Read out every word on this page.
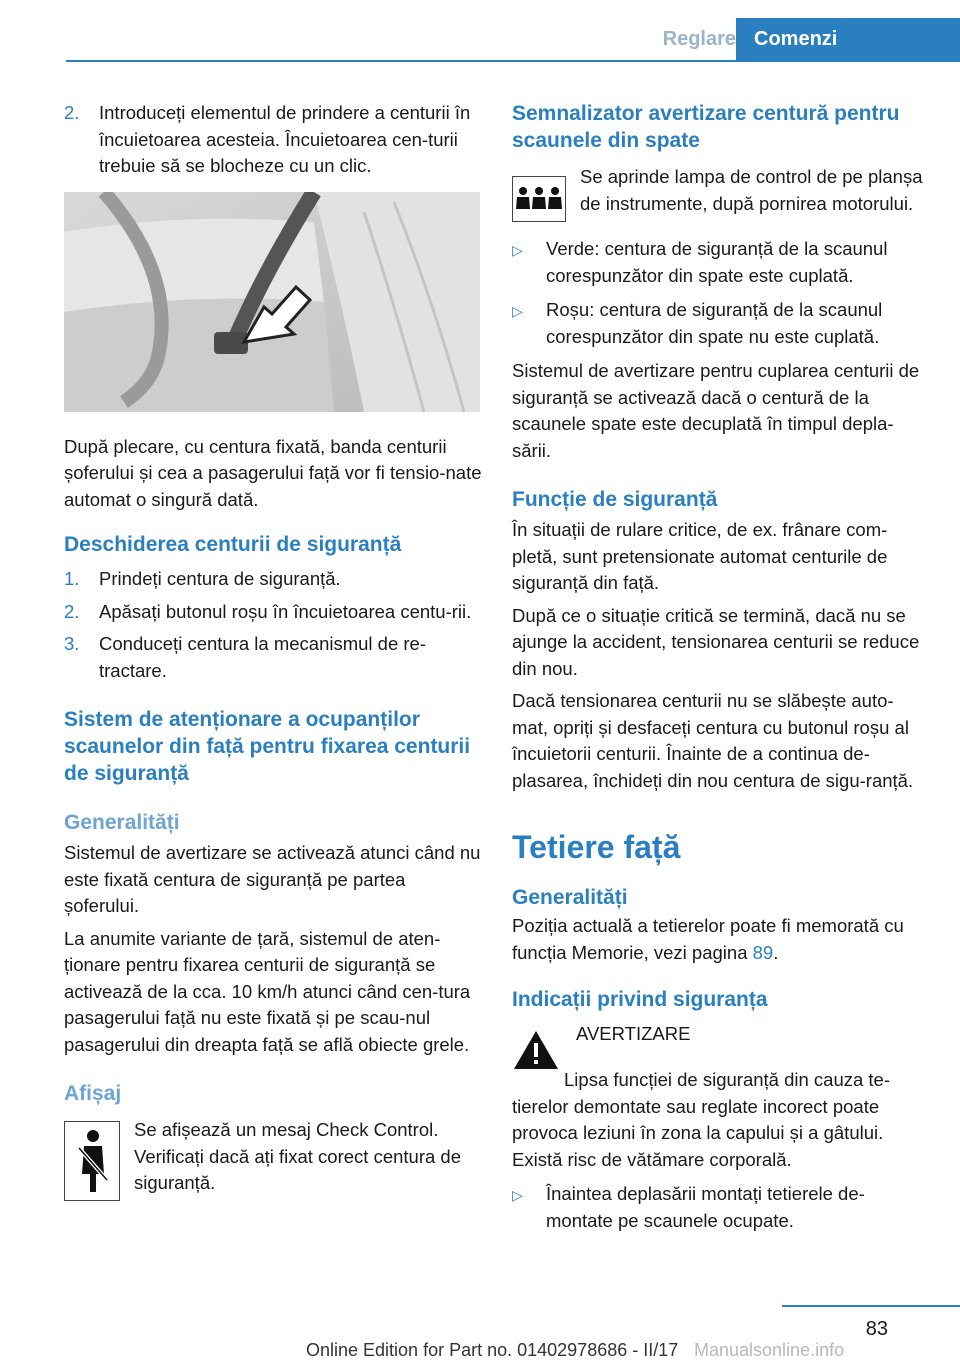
Reglare Comenzi
2.	Introduceți elementul de prindere a centurii în încuietoarea acesteia. Încuietoarea cen‐turii trebuie să se blocheze cu un clic.

După plecare, cu centura fixată, banda centurii șoferului și cea a pasagerului față vor fi tensio‐nate automat o singură dată.

Deschiderea centurii de siguranță
1.	Prindeți centura de siguranță.
2.	Apăsați butonul roșu în încuietoarea centu‐rii.
3.	Conduceți centura la mecanismul de re‐tractare.
Sistem de atenționare a ocupanților scaunelor din față pentru fixarea centurii de siguranță
Generalități

Sistemul de avertizare se activează atunci când nu este fixată centura de siguranță pe partea șoferului.

La anumite variante de țară, sistemul de aten‐ționare pentru fixarea centurii de siguranță se activează de la cca. 10 km/h atunci când cen‐tura pasagerului față nu este fixată și pe scau‐nul pasagerului din dreapta față se află obiecte grele.

Afișaj

Se afișează un mesaj Check Control. Verificați dacă ați fixat corect centura de siguranță.

Semnalizator avertizare centură pentru scaunele din spate

Se aprinde lampa de control de pe planșa de instrumente, după pornirea motorului.

▷	Verde: centura de siguranță de la scaunul corespunzător din spate este cuplată.
▷	Roșu: centura de siguranță de la scaunul corespunzător din spate nu este cuplată.

Sistemul de avertizare pentru cuplarea centurii de siguranță se activează dacă o centură de la scaunele spate este decuplată în timpul depla‐sării.

Funcție de siguranță

În situații de rulare critice, de ex. frânare com‐pletă, sunt pretensionate automat centurile de siguranță din față.

După ce o situație critică se termină, dacă nu se ajunge la accident, tensionarea centurii se reduce din nou.

Dacă tensionarea centurii nu se slăbește auto‐mat, opriți și desfaceți centura cu butonul roșu al încuietorii centurii. Înainte de a continua de‐plasarea, închideți din nou centura de sigu‐ranță.

Tetiere față
Generalități

Poziția actuală a tetierelor poate fi memorată cu funcția Memorie, vezi pagina 89.

Indicații privind siguranța

AVERTIZARE

Lipsa funcției de siguranță din cauza te‐tierelor demontate sau reglate incorect poate provoca leziuni în zona la capului și a gâtului. Există risc de vătămare corporală.

▷	Înaintea deplasării montați tetierele de‐montate pe scaunele ocupate.
83
Online Edition for Part no. 01402978686 - II/17 Manualsonline.info
